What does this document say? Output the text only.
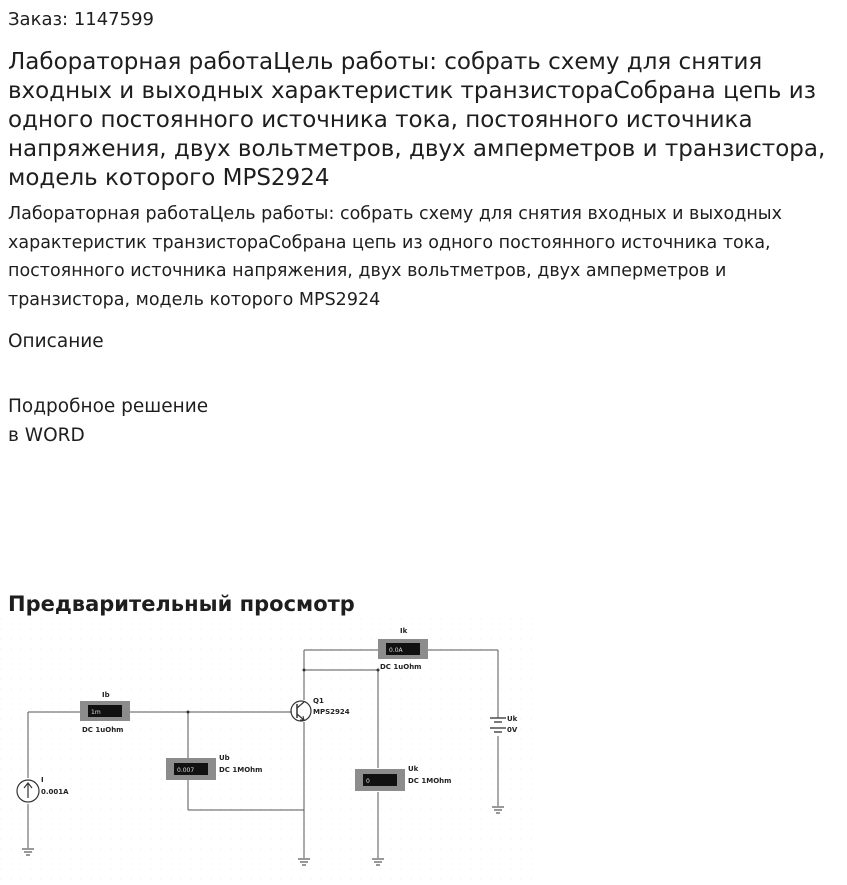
Заказ: 1147599
Лабораторная работаЦель работы: собрать схему для снятия входных и выходных характеристик транзистораСобрана цепь из одного постоянного источника тока, постоянного источника напряжения, двух вольтметров, двух амперметров и транзистора, модель которого MPS2924
Лабораторная работаЦель работы: собрать схему для снятия входных и выходных характеристик транзистораСобрана цепь из одного постоянного источника тока, постоянного источника напряжения, двух вольтметров, двух амперметров и транзистора, модель которого MPS2924
Описание
Подробное решение
в WORD
Предварительный просмотр
1m
Ib
DC 1uOhm
0.0A
Ik
DC 1uOhm
0.007
Ub
DC 1MOhm
0
Uk
DC 1MOhm
I
0.001A
Q1
MPS2924
Uk
0V
